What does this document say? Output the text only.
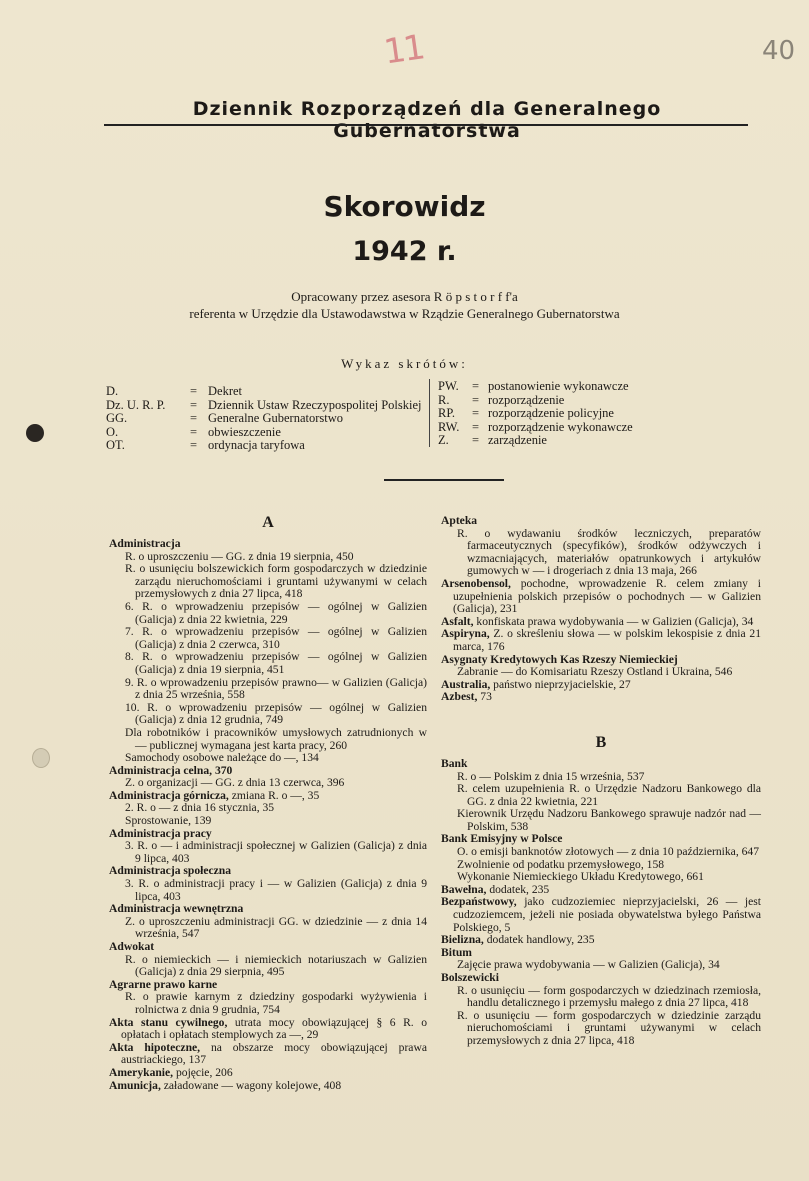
11	40
Dziennik Rozporządzeń dla Generalnego Gubernatorstwa
Skorowidz
1942 r.
Opracowany przez asesora R ö p s t o r f f'a
referenta w Urzędzie dla Ustawodawstwa w Rządzie Generalnego Gubernatorstwa
Wykaz skrótów:
D.	= Dekret
Dz. U. R. P.	= Dziennik Ustaw Rzeczypospolitej Polskiej
GG.	= Generalne Gubernatorstwo
O.	= obwieszczenie
OT.	= ordynacja taryfowa
PW.	= postanowienie wykonawcze
R.	= rozporządzenie
RP.	= rozporządzenie policyjne
RW.	= rozporządzenie wykonawcze
Z.	= zarządzenie
A

Administracja

R. o uproszczeniu — GG. z dnia 19 sierpnia, 450

R. o usunięciu bolszewickich form gospodarczych w dziedzinie zarządu nieruchomościami i gruntami używanymi w celach przemysłowych z dnia 27 lipca, 418

6. R. o wprowadzeniu przepisów — ogólnej w Galizien (Galicja) z dnia 22 kwietnia, 229

7. R. o wprowadzeniu przepisów — ogólnej w Galizien (Galicja) z dnia 2 czerwca, 310

8. R. o wprowadzeniu przepisów — ogólnej w Galizien (Galicja) z dnia 19 sierpnia, 451

9. R. o wprowadzeniu przepisów prawno— w Galizien (Galicja) z dnia 25 września, 558

10. R. o wprowadzeniu przepisów — ogólnej w Galizien (Galicja) z dnia 12 grudnia, 749

Dla robotników i pracowników umysłowych zatrudnionych w — publicznej wymagana jest karta pracy, 260

Samochody osobowe należące do —, 134

Administracja celna, 370

Z. o organizacji — GG. z dnia 13 czerwca, 396

Administracja górnicza, zmiana R. o —, 35

2. R. o — z dnia 16 stycznia, 35

Sprostowanie, 139

Administracja pracy

3. R. o — i administracji społecznej w Galizien (Galicja) z dnia 9 lipca, 403

Administracja społeczna

3. R. o administracji pracy i — w Galizien (Galicja) z dnia 9 lipca, 403

Administracja wewnętrzna

Z. o uproszczeniu administracji GG. w dziedzinie — z dnia 14 września, 547

Adwokat

R. o niemieckich — i niemieckich notariuszach w Galizien (Galicja) z dnia 29 sierpnia, 495

Agrarne prawo karne

R. o prawie karnym z dziedziny gospodarki wyżywienia i rolnictwa z dnia 9 grudnia, 754

Akta stanu cywilnego, utrata mocy obowiązującej § 6 R. o opłatach i opłatach stemplowych za —, 29

Akta hipoteczne, na obszarze mocy obowiązującej prawa austriackiego, 137

Amerykanie, pojęcie, 206

Amunicja, załadowane — wagony kolejowe, 408

Apteka

R. o wydawaniu środków leczniczych, preparatów farmaceutycznych (specyfików), środków odżywczych i wzmacniających, materiałów opatrunkowych i artykułów gumowych w — i drogeriach z dnia 13 maja, 266

Arsenobensol, pochodne, wprowadzenie R. celem zmiany i uzupełnienia polskich przepisów o pochodnych — w Galizien (Galicja), 231

Asfalt, konfiskata prawa wydobywania — w Galizien (Galicja), 34

Aspiryna, Z. o skreśleniu słowa — w polskim lekospisie z dnia 21 marca, 176

Asygnaty Kredytowych Kas Rzeszy Niemieckiej

Zabranie — do Komisariatu Rzeszy Ostland i Ukraina, 546

Australia, państwo nieprzyjacielskie, 27

Azbest, 73

B

Bank

R. o — Polskim z dnia 15 września, 537

R. celem uzupełnienia R. o Urzędzie Nadzoru Bankowego dla GG. z dnia 22 kwietnia, 221

Kierownik Urzędu Nadzoru Bankowego sprawuje nadzór nad — Polskim, 538

Bank Emisyjny w Polsce

O. o emisji banknotów złotowych — z dnia 10 października, 647

Zwolnienie od podatku przemysłowego, 158

Wykonanie Niemieckiego Układu Kredytowego, 661

Bawełna, dodatek, 235

Bezpaństwowy, jako cudzoziemiec nieprzyjacielski, 26 — jest cudzoziemcem, jeżeli nie posiada obywatelstwa byłego Państwa Polskiego, 5

Bielizna, dodatek handlowy, 235

Bitum

Zajęcie prawa wydobywania — w Galizien (Galicja), 34

Bolszewicki

R. o usunięciu — form gospodarczych w dziedzinach rzemiosła, handlu detalicznego i przemysłu małego z dnia 27 lipca, 418

R. o usunięciu — form gospodarczych w dziedzinie zarządu nieruchomościami i gruntami używanymi w celach przemysłowych z dnia 27 lipca, 418
